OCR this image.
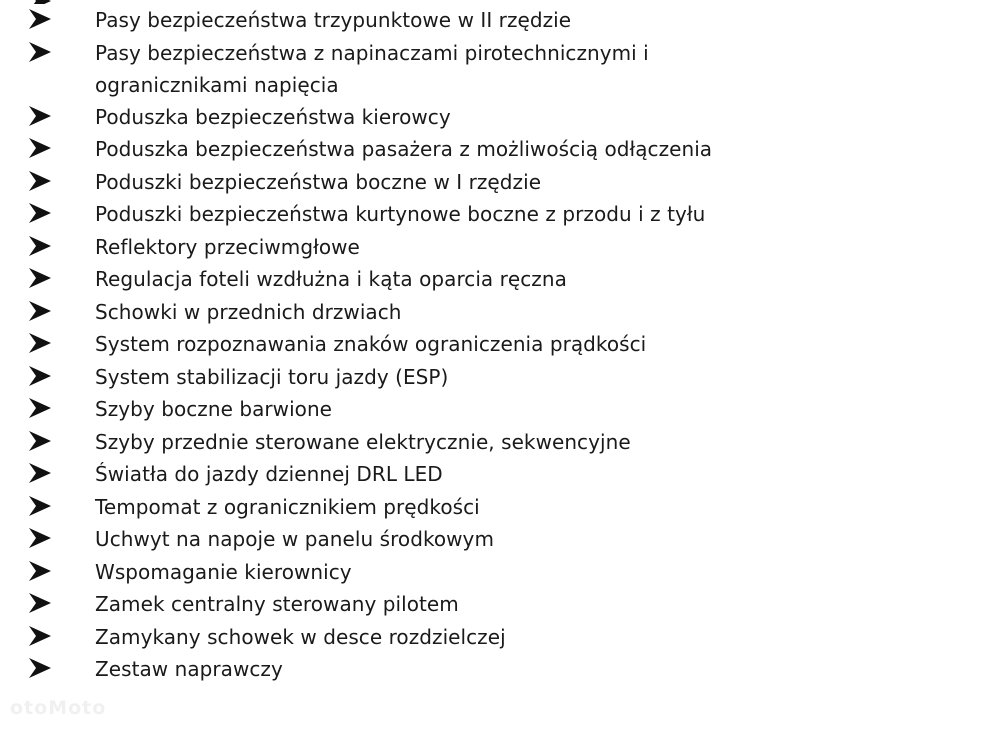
Pasy bezpieczeństwa trzypunktowe w II rzędzie
Pasy bezpieczeństwa z napinaczami pirotechnicznymi i ogranicznikami napięcia
Poduszka bezpieczeństwa kierowcy
Poduszka bezpieczeństwa pasażera z możliwością odłączenia
Poduszki bezpieczeństwa boczne w I rzędzie
Poduszki bezpieczeństwa kurtynowe boczne z przodu i z tyłu
Reflektory przeciwmgłowe
Regulacja foteli wzdłużna i kąta oparcia ręczna
Schowki w przednich drzwiach
System rozpoznawania znaków ograniczenia prądkości
System stabilizacji toru jazdy (ESP)
Szyby boczne barwione
Szyby przednie sterowane elektrycznie, sekwencyjne
Światła do jazdy dziennej DRL LED
Tempomat z ogranicznikiem prędkości
Uchwyt na napoje w panelu środkowym
Wspomaganie kierownicy
Zamek centralny sterowany pilotem
Zamykany schowek w desce rozdzielczej
Zestaw naprawczy
otoMoto
